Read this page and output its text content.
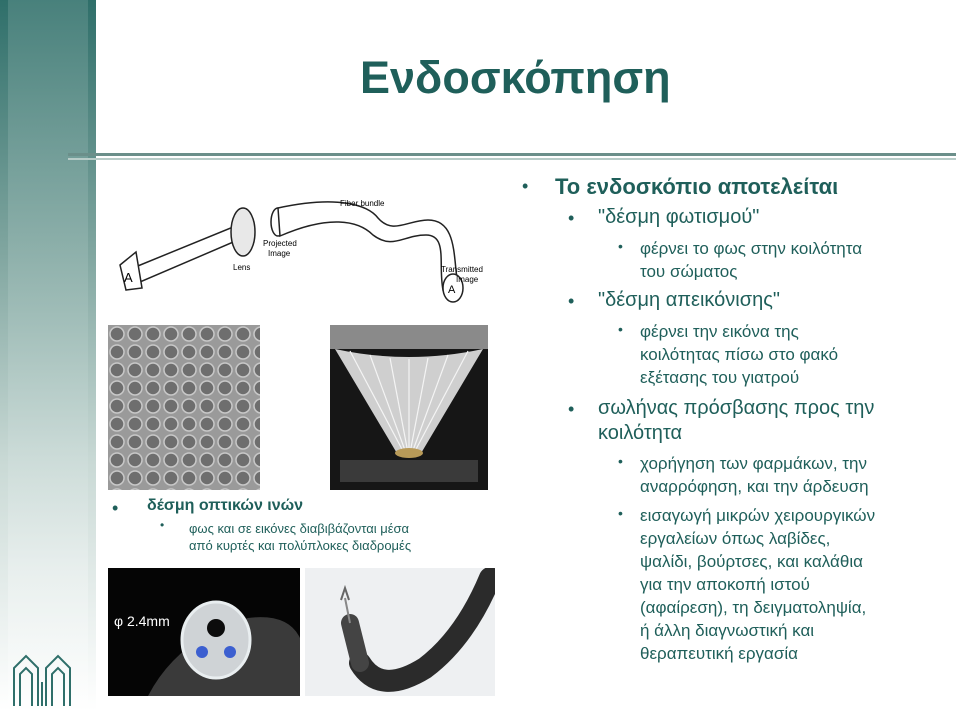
Ενδοσκόπηση
A
A
Lens
Projected
Image
Fiber bundle
Transmitted
Image
• δέσμη οπτικών ινών
• φως και σε εικόνες διαβιβάζονται μέσα
από κυρτές και πολύπλοκες διαδρομές
φ 2.4mm
• Το ενδοσκόπιο αποτελείται
• "δέσμη φωτισμού"
• φέρνει το φως στην κοιλότητα
του σώματος
• "δέσμη απεικόνισης"
• φέρνει την εικόνα της
κοιλότητας πίσω στο φακό
εξέτασης του γιατρού
• σωλήνας πρόσβασης προς την
κοιλότητα
• χορήγηση των φαρμάκων, την
αναρρόφηση, και την άρδευση
• εισαγωγή μικρών χειρουργικών
εργαλείων όπως λαβίδες,
ψαλίδι, βούρτσες, και καλάθια
για την αποκοπή ιστού
(αφαίρεση), τη δειγματοληψία,
ή άλλη διαγνωστική και
θεραπευτική εργασία
